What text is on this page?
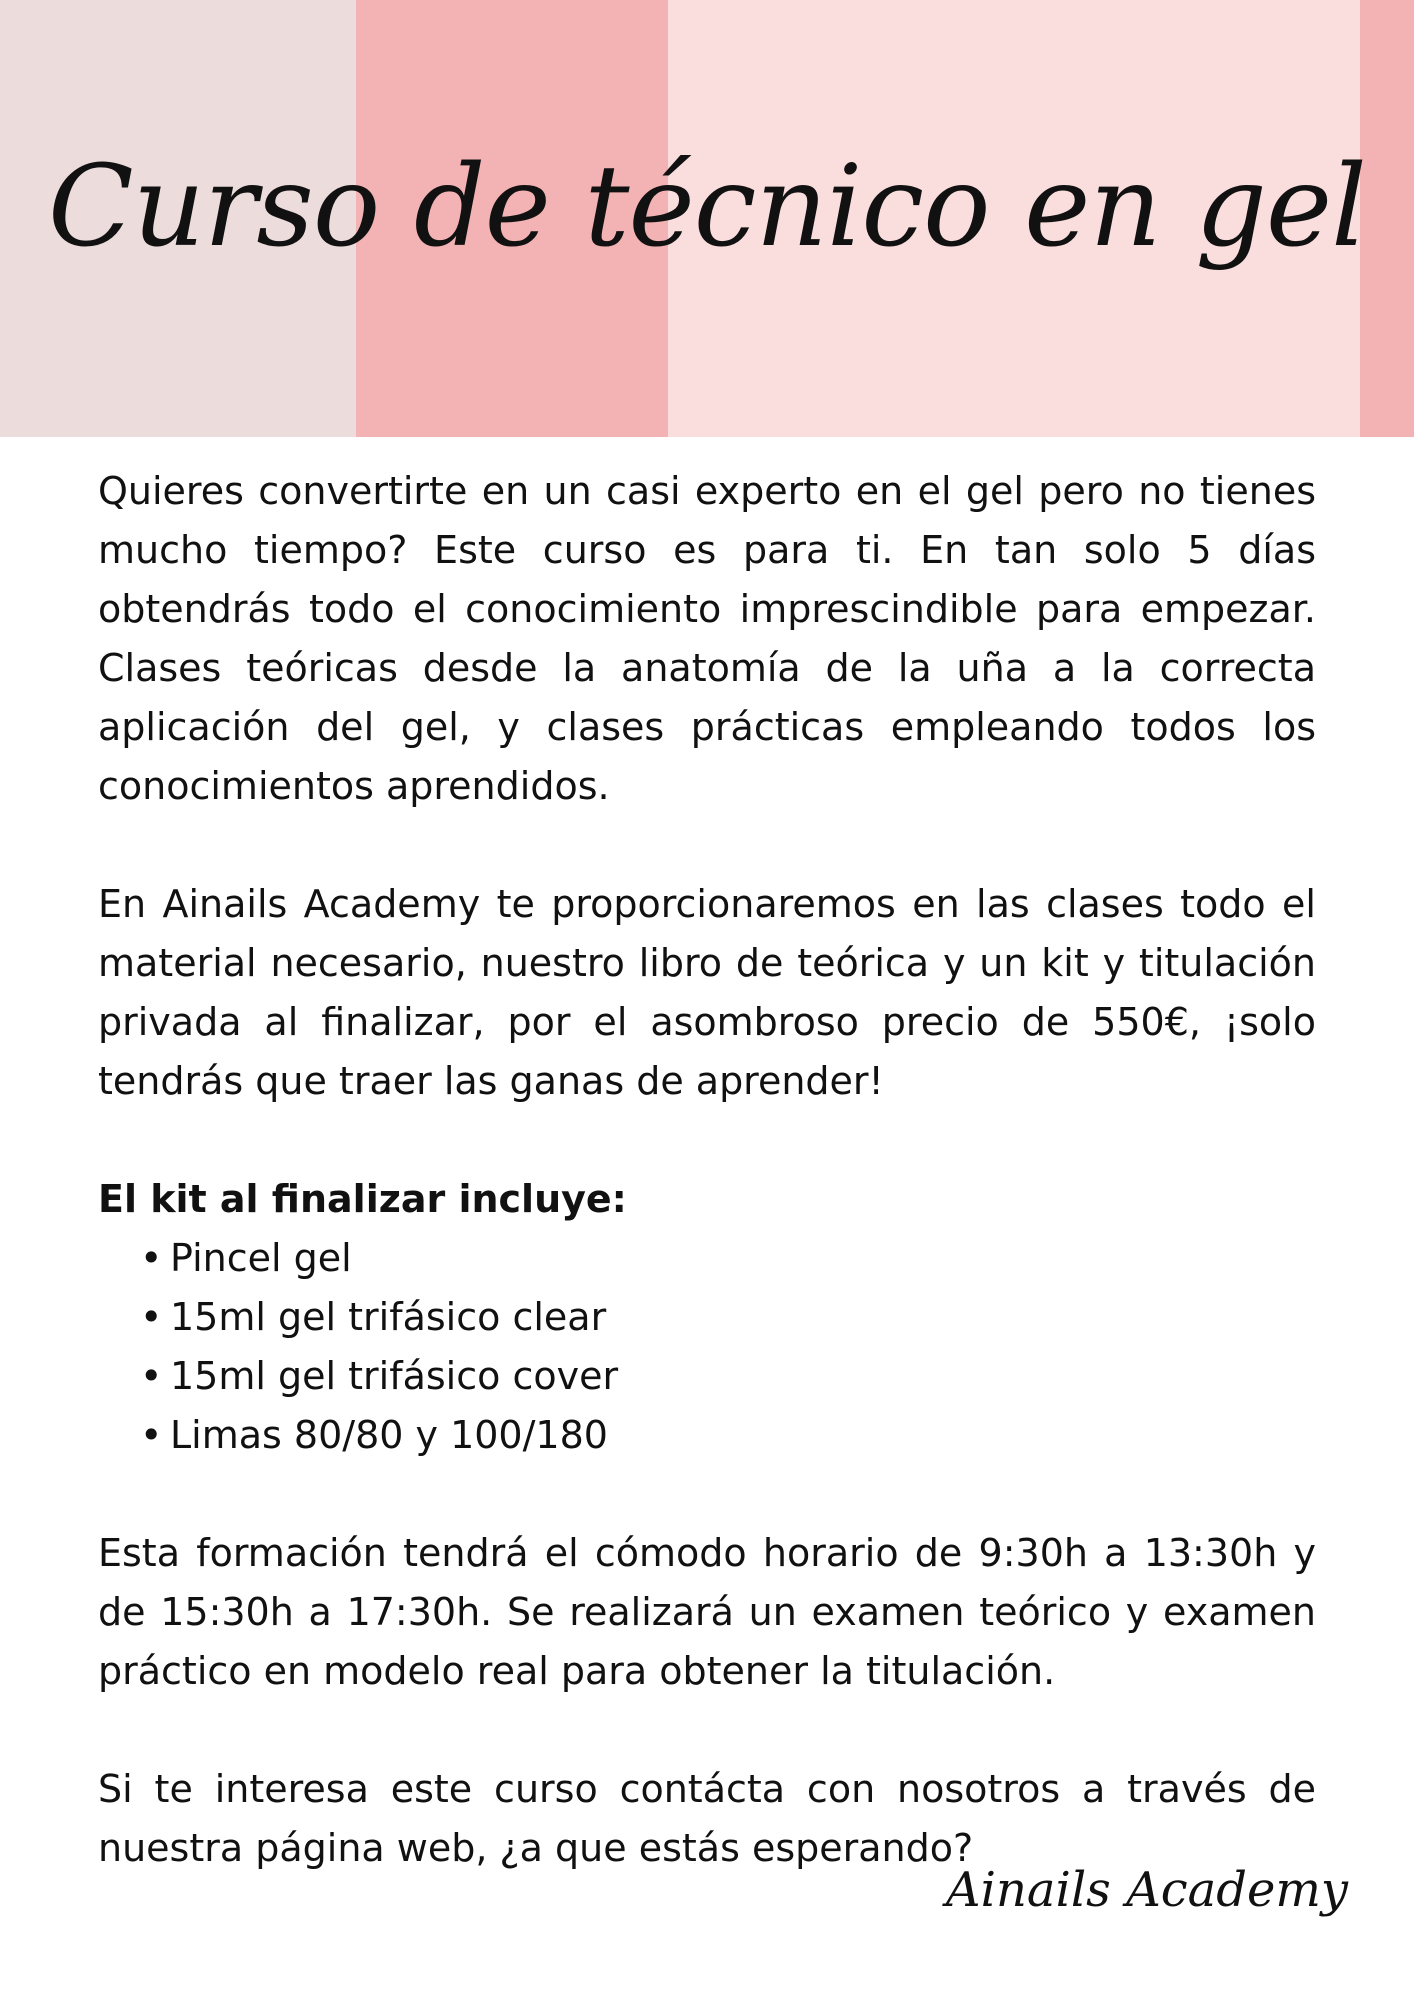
Curso de técnico en gel

Quieres convertirte en un casi experto en el gel pero no tienes mucho tiempo? Este curso es para ti. En tan solo 5 días obtendrás todo el conocimiento imprescindible para empezar. Clases teóricas desde la anatomía de la uña a la correcta aplicación del gel, y clases prácticas empleando todos los conocimientos aprendidos.

En Ainails Academy te proporcionaremos en las clases todo el material necesario, nuestro libro de teórica y un kit y titulación privada al finalizar, por el asombroso precio de 550€, ¡solo tendrás que traer las ganas de aprender!

El kit al finalizar incluye:

• Pincel gel
• 15ml gel trifásico clear
• 15ml gel trifásico cover
• Limas 80/80 y 100/180

Esta formación tendrá el cómodo horario de 9:30h a 13:30h y de 15:30h a 17:30h. Se realizará un examen teórico y examen práctico en modelo real para obtener la titulación.

Si te interesa este curso contácta con nosotros a través de nuestra página web, ¿a que estás esperando?

Ainails Academy
